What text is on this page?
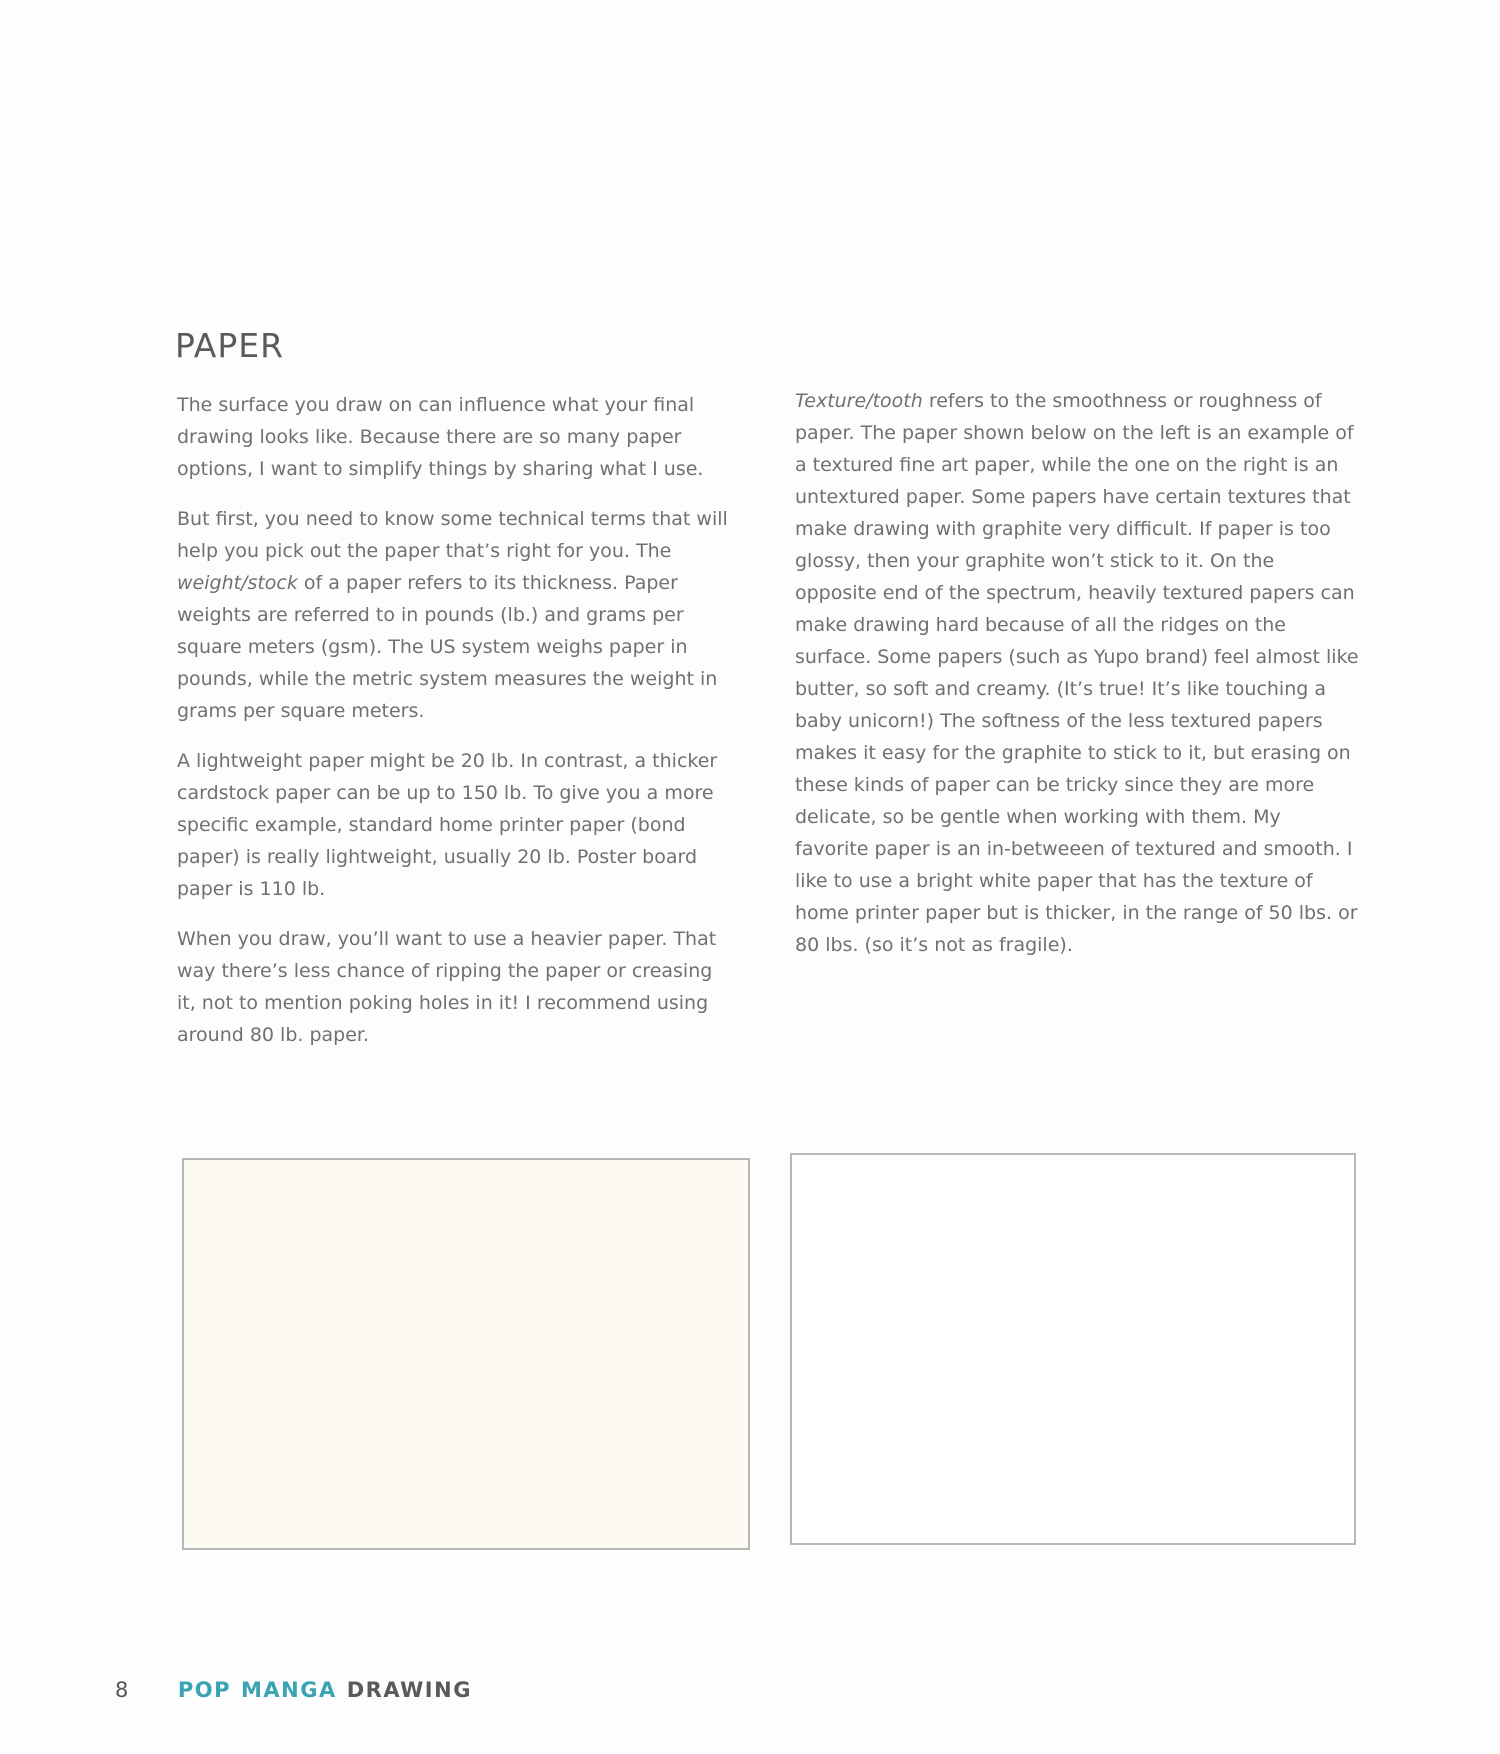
PAPER

The surface you draw on can influence what your final drawing looks like. Because there are so many paper options, I want to simplify things by sharing what I use.

But first, you need to know some technical terms that will help you pick out the paper that’s right for you. The weight/stock of a paper refers to its thickness. Paper weights are referred to in pounds (lb.) and grams per square meters (gsm). The US system weighs paper in pounds, while the metric system measures the weight in grams per square meters.

A lightweight paper might be 20 lb. In contrast, a thicker cardstock paper can be up to 150 lb. To give you a more specific example, standard home printer paper (bond paper) is really lightweight, usually 20 lb. Poster board paper is 110 lb.

When you draw, you’ll want to use a heavier paper. That way there’s less chance of ripping the paper or creasing it, not to mention poking holes in it! I recommend using around 80 lb. paper.

Texture/tooth refers to the smoothness or roughness of paper. The paper shown below on the left is an example of a textured fine art paper, while the one on the right is an untextured paper. Some papers have certain textures that make drawing with graphite very difficult. If paper is too glossy, then your graphite won’t stick to it. On the opposite end of the spectrum, heavily textured papers can make drawing hard because of all the ridges on the surface. Some papers (such as Yupo brand) feel almost like butter, so soft and creamy. (It’s true! It’s like touching a baby unicorn!) The softness of the less textured papers makes it easy for the graphite to stick to it, but erasing on these kinds of paper can be tricky since they are more delicate, so be gentle when working with them. My favorite paper is an in-betweeen of textured and smooth. I like to use a bright white paper that has the texture of home printer paper but is thicker, in the range of 50 lbs. or 80 lbs. (so it’s not as fragile).

8 POP MANGA DRAWING
